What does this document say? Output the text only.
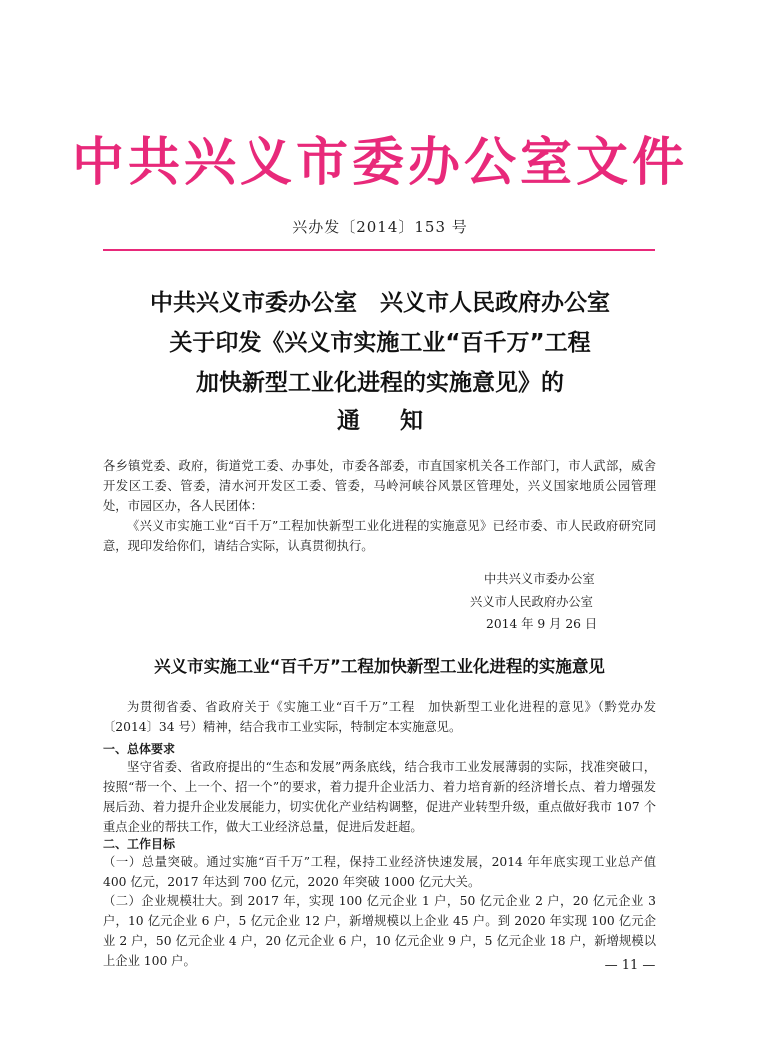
中共兴义市委办公室文件
兴办发〔2014〕153 号
中共兴义市委办公室　兴义市人民政府办公室
关于印发《兴义市实施工业“百千万”工程
加快新型工业化进程的实施意见》的
通知
各乡镇党委、政府，街道党工委、办事处，市委各部委，市直国家机关各工作部门，市人武部，威舍开发区工委、管委，清水河开发区工委、管委，马岭河峡谷风景区管理处，兴义国家地质公园管理处，市园区办，各人民团体：
《兴义市实施工业“百千万”工程加快新型工业化进程的实施意见》已经市委、市人民政府研究同意，现印发给你们，请结合实际，认真贯彻执行。
中共兴义市委办公室
兴义市人民政府办公室
2014 年 9 月 26 日
兴义市实施工业“百千万”工程加快新型工业化进程的实施意见
为贯彻省委、省政府关于《实施工业“百千万”工程　加快新型工业化进程的意见》（黔党办发〔2014〕34 号）精神，结合我市工业实际，特制定本实施意见。
一、总体要求
坚守省委、省政府提出的“生态和发展”两条底线，结合我市工业发展薄弱的实际，找准突破口，按照“帮一个、上一个、招一个”的要求，着力提升企业活力、着力培育新的经济增长点、着力增强发展后劲、着力提升企业发展能力，切实优化产业结构调整，促进产业转型升级，重点做好我市 107 个重点企业的帮扶工作，做大工业经济总量，促进后发赶超。
二、工作目标
（一）总量突破。通过实施“百千万”工程，保持工业经济快速发展，2014 年年底实现工业总产值 400 亿元，2017 年达到 700 亿元，2020 年突破 1000 亿元大关。
（二）企业规模壮大。到 2017 年，实现 100 亿元企业 1 户，50 亿元企业 2 户，20 亿元企业 3 户，10 亿元企业 6 户，5 亿元企业 12 户，新增规模以上企业 45 户。到 2020 年实现 100 亿元企业 2 户，50 亿元企业 4 户，20 亿元企业 6 户，10 亿元企业 9 户，5 亿元企业 18 户，新增规模以上企业 100 户。	— 11 —
